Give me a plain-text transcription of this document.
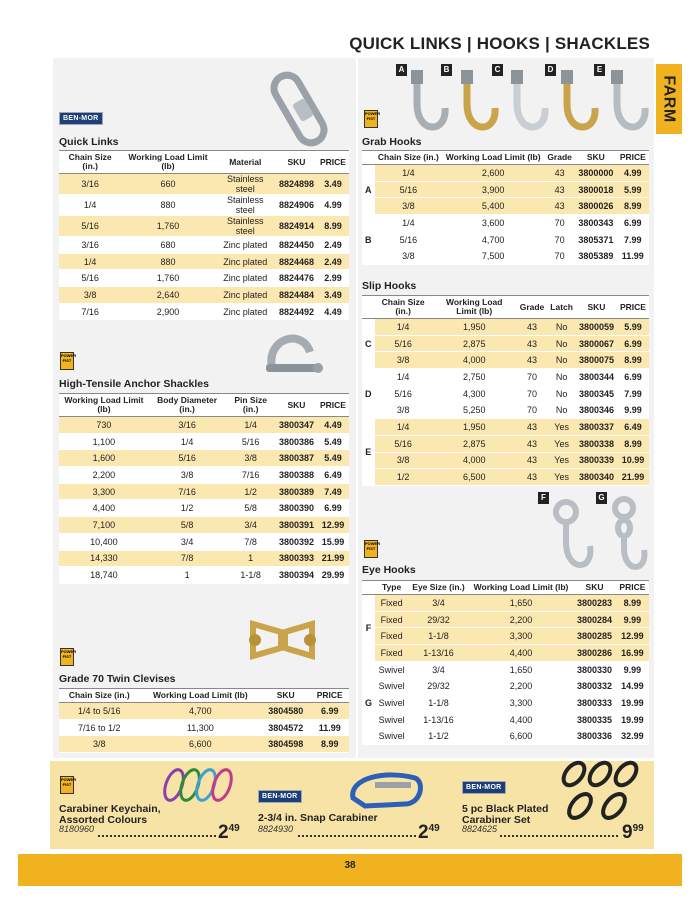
QUICK LINKS | HOOKS | SHACKLES
FARM
BEN-MOR
Quick Links
Chain Size (in.)	Working Load Limit (lb)	Material	SKU	PRICE
3/16	660	Stainless steel	8824898	3.49
1/4	880	Stainless steel	8824906	4.99
5/16	1,760	Stainless steel	8824914	8.99
3/16	680	Zinc plated	8824450	2.49
1/4	880	Zinc plated	8824468	2.49
5/16	1,760	Zinc plated	8824476	2.99
3/8	2,640	Zinc plated	8824484	3.49
7/16	2,900	Zinc plated	8824492	4.49
POWER FIST
High-Tensile Anchor Shackles
Working Load Limit (lb)	Body Diameter (in.)	Pin Size (in.)	SKU	PRICE
730	3/16	1/4	3800347	4.49
1,100	1/4	5/16	3800386	5.49
1,600	5/16	3/8	3800387	5.49
2,200	3/8	7/16	3800388	6.49
3,300	7/16	1/2	3800389	7.49
4,400	1/2	5/8	3800390	6.99
7,100	5/8	3/4	3800391	12.99
10,400	3/4	7/8	3800392	15.99
14,330	7/8	1	3800393	21.99
18,740	1	1-1/8	3800394	29.99
POWER FIST
Grade 70 Twin Clevises
Chain Size (in.)	Working Load Limit (lb)	SKU	PRICE
1/4 to 5/16	4,700	3804580	6.99
7/16 to 1/2	11,300	3804572	11.99
3/8	6,600	3804598	8.99
A	B	C	D	E
POWER FIST
Grab Hooks
	Chain Size (in.)	Working Load Limit (lb)	Grade	SKU	PRICE
A	1/4	2,600	43	3800000	4.99
	5/16	3,900	43	3800018	5.99
	3/8	5,400	43	3800026	8.99
B	1/4	3,600	70	3800343	6.99
	5/16	4,700	70	3805371	7.99
	3/8	7,500	70	3805389	11.99
Slip Hooks
	Chain Size (in.)	Working Load Limit (lb)	Grade	Latch	SKU	PRICE
C	1/4	1,950	43	No	3800059	5.99
	5/16	2,875	43	No	3800067	6.99
	3/8	4,000	43	No	3800075	8.99
D	1/4	2,750	70	No	3800344	6.99
	5/16	4,300	70	No	3800345	7.99
	3/8	5,250	70	No	3800346	9.99
E	1/4	1,950	43	Yes	3800337	6.49
	5/16	2,875	43	Yes	3800338	8.99
	3/8	4,000	43	Yes	3800339	10.99
	1/2	6,500	43	Yes	3800340	21.99
F	G
POWER FIST
Eye Hooks
	Type	Eye Size (in.)	Working Load Limit (lb)	SKU	PRICE
F	Fixed	3/4	1,650	3800283	8.99
	Fixed	29/32	2,200	3800284	9.99
	Fixed	1-1/8	3,300	3800285	12.99
	Fixed	1-13/16	4,400	3800286	16.99
G	Swivel	3/4	1,650	3800330	9.99
	Swivel	29/32	2,200	3800332	14.99
	Swivel	1-1/8	3,300	3800333	19.99
	Swivel	1-13/16	4,400	3800335	19.99
	Swivel	1-1/2	6,600	3800336	32.99
POWER FIST
Carabiner Keychain, Assorted Colours
8180960	$2^{49}$
BEN-MOR
2-3/4 in. Snap Carabiner
8824930	$2^{49}$
BEN-MOR
5 pc Black Plated Carabiner Set
8824625	$9^{99}$
38
